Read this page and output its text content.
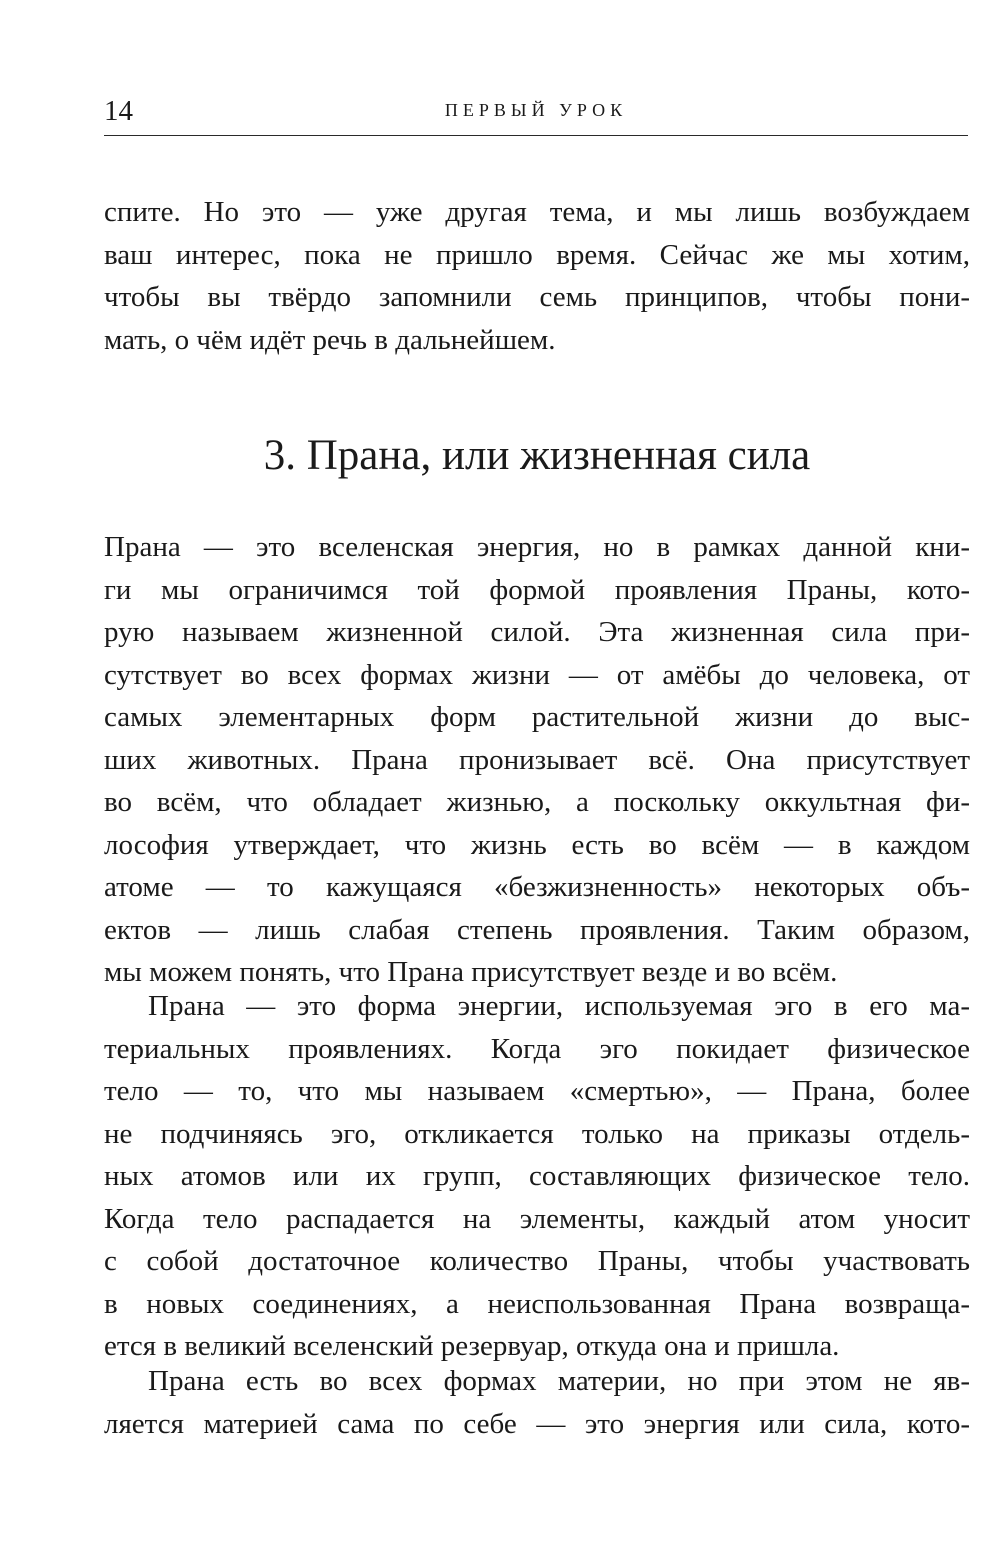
14	ПЕРВЫЙ УРОК
спите. Но это — уже другая тема, и мы лишь возбуждаем
ваш интерес, пока не пришло время. Сейчас же мы хотим,
чтобы вы твёрдо запомнили семь принципов, чтобы пони-
мать, о чём идёт речь в дальнейшем.
3. Прана, или жизненная сила
Прана — это вселенская энергия, но в рамках данной кни-
ги мы ограничимся той формой проявления Праны, кото-
рую называем жизненной силой. Эта жизненная сила при-
сутствует во всех формах жизни — от амёбы до человека, от
самых элементарных форм растительной жизни до выс-
ших животных. Прана пронизывает всё. Она присутствует
во всём, что обладает жизнью, а поскольку оккультная фи-
лософия утверждает, что жизнь есть во всём — в каждом
атоме — то кажущаяся «безжизненность» некоторых объ-
ектов — лишь слабая степень проявления. Таким образом,
мы можем понять, что Прана присутствует везде и во всём.
Прана — это форма энергии, используемая эго в его ма-
териальных проявлениях. Когда эго покидает физическое
тело — то, что мы называем «смертью», — Прана, более
не подчиняясь эго, откликается только на приказы отдель-
ных атомов или их групп, составляющих физическое тело.
Когда тело распадается на элементы, каждый атом уносит
с собой достаточное количество Праны, чтобы участвовать
в новых соединениях, а неиспользованная Прана возвраща-
ется в великий вселенский резервуар, откуда она и пришла.
Прана есть во всех формах материи, но при этом не яв-
ляется материей сама по себе — это энергия или сила, кото-
